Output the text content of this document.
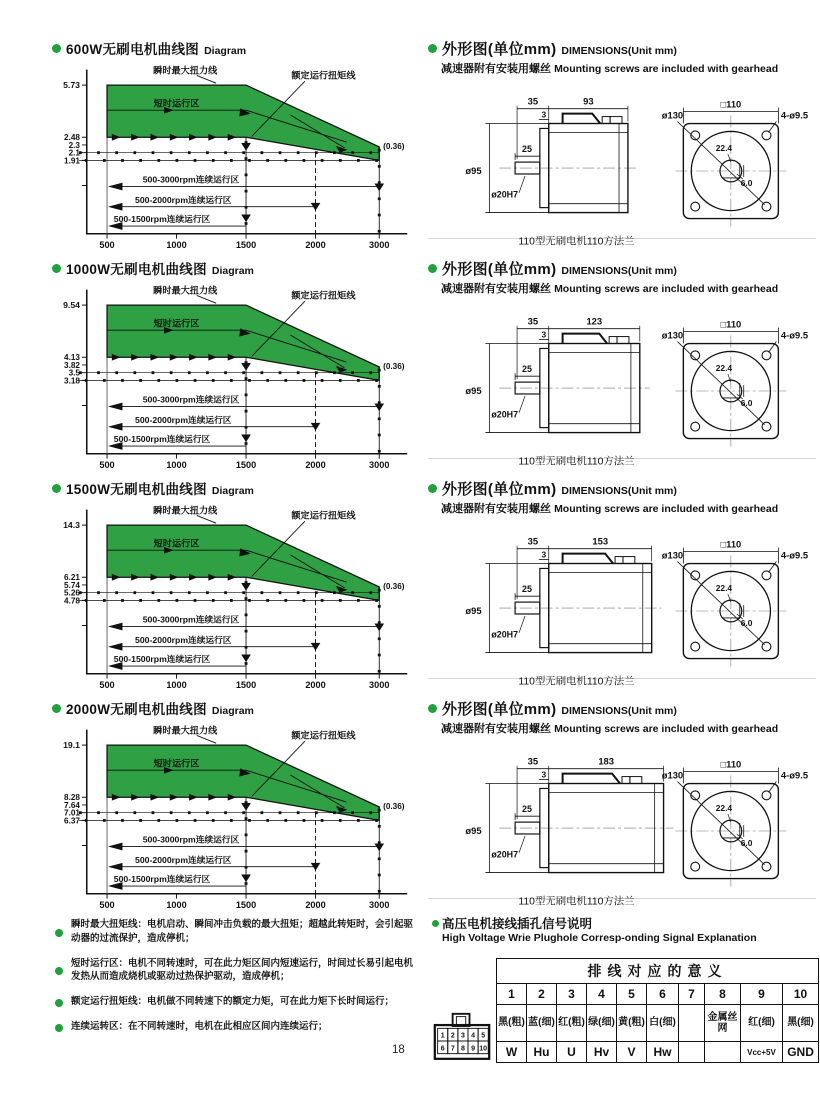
600W无刷电机曲线图 Diagram
5.73
2.48
2.3
2.1
1.91
500	1000	1500	2000	3000
瞬时最大扭力线
短时运行区
额定运行扭矩线
(0.36)
500-3000rpm连续运行区
500-2000rpm连续运行区
500-1500rpm连续运行区
外形图(单位mm) DIMENSIONS(Unit mm)
减速器附有安装用螺丝 Mounting screws are included with gearhead
35	93
3
25
ø95
ø20H7
□110
ø130	4-ø9.5
22.4
6.0
110型无刷电机110方法兰
1000W无刷电机曲线图 Diagram
9.54
4.13
3.82
3.5
3.18
500	1000	1500	2000	3000
瞬时最大扭力线
短时运行区
额定运行扭矩线
(0.36)
500-3000rpm连续运行区
500-2000rpm连续运行区
500-1500rpm连续运行区
外形图(单位mm) DIMENSIONS(Unit mm)
减速器附有安装用螺丝 Mounting screws are included with gearhead
35	123
3
25
ø95
ø20H7
□110
ø130	4-ø9.5
22.4
6.0
110型无刷电机110方法兰
1500W无刷电机曲线图 Diagram
14.3
6.21
5.74
5.26
4.78
500	1000	1500	2000	3000
瞬时最大扭力线
短时运行区
额定运行扭矩线
(0.36)
500-3000rpm连续运行区
500-2000rpm连续运行区
500-1500rpm连续运行区
外形图(单位mm) DIMENSIONS(Unit mm)
减速器附有安装用螺丝 Mounting screws are included with gearhead
35	153
3
25
ø95
ø20H7
□110
ø130	4-ø9.5
22.4
6.0
110型无刷电机110方法兰
2000W无刷电机曲线图 Diagram
19.1
8.28
7.64
7.01
6.37
500	1000	1500	2000	3000
瞬时最大扭力线
短时运行区
额定运行扭矩线
(0.36)
500-3000rpm连续运行区
500-2000rpm连续运行区
500-1500rpm连续运行区
外形图(单位mm) DIMENSIONS(Unit mm)
减速器附有安装用螺丝 Mounting screws are included with gearhead
35	183
3
25
ø95
ø20H7
□110
ø130	4-ø9.5
22.4
6.0
110型无刷电机110方法兰
瞬时最大扭矩线：电机启动、瞬间冲击负载的最大扭矩；超越此转矩时，会引起驱动器的过流保护，造成停机；
短时运行区：电机不同转速时，可在此力矩区间内短速运行，时间过长易引起电机发热从而造成烧机或驱动过热保护驱动，造成停机；
额定运行扭矩线：电机做不同转速下的额定力矩，可在此力矩下长时间运行；
连续运转区：在不同转速时，电机在此相应区间内连续运行；
高压电机接线插孔信号说明
High Voltage Wrie Plughole Corresp-onding Signal Explanation
1 2 3 4 5
6 7 8 9 10
排线对应的意义									
1	2	3	4	5	6	7	8	9	10
黑(粗)	蓝(细)	红(粗)	绿(细)	黄(粗)	白(细)		金属丝网	红(细)	黑(细)
W	Hu	U	Hv	V	Hw			Vcc+5V	GND
18
